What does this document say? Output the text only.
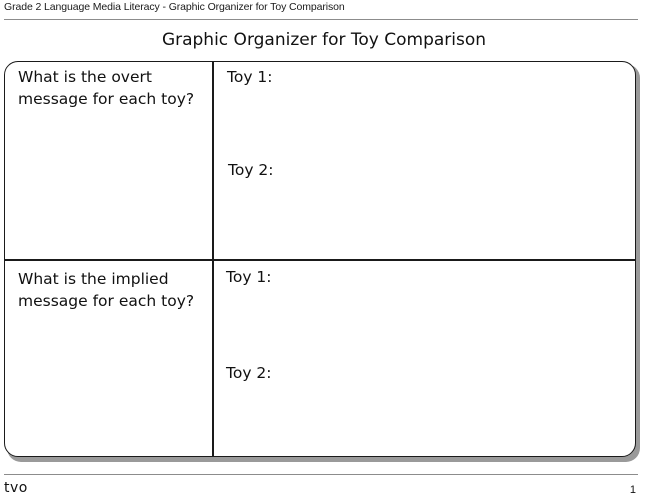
Grade 2 Language Media Literacy - Graphic Organizer for Toy Comparison
Graphic Organizer for Toy Comparison
What is the overt
message for each toy?
Toy 1:
Toy 2:
What is the implied
message for each toy?
Toy 1:
Toy 2:
tvo	1
